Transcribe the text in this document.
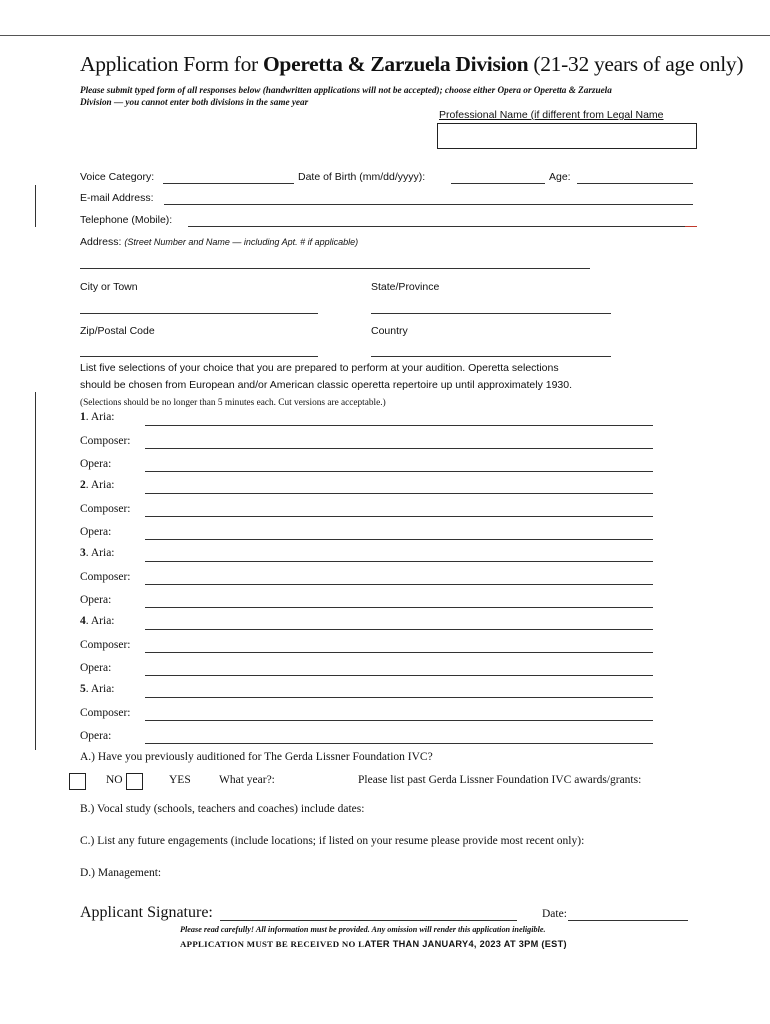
Application Form for Operetta & Zarzuela Division (21-32 years of age only)
Please submit typed form of all responses below (handwritten applications will not be accepted); choose either Opera or Operetta & Zarzuela
Division — you cannot enter both divisions in the same year
Professional Name (if different from Legal Name
Voice Category:	Date of Birth (mm/dd/yyyy):	Age:
E-mail Address:
Telephone (Mobile):
Address: (Street Number and Name — including Apt. # if applicable)
City or Town	State/Province
Zip/Postal Code	Country
List five selections of your choice that you are prepared to perform at your audition. Operetta selections
should be chosen from European and/or American classic operetta repertoire up until approximately 1930.
(Selections should be no longer than 5 minutes each. Cut versions are acceptable.)
1. Aria:
Composer:
Opera:
2. Aria:
Composer:
Opera:
3. Aria:
Composer:
Opera:
4. Aria:
Composer:
Opera:
5. Aria:
Composer:
Opera:
A.) Have you previously auditioned for The Gerda Lissner Foundation IVC?
NO	YES What year?:	Please list past Gerda Lissner Foundation IVC awards/grants:
B.) Vocal study (schools, teachers and coaches) include dates:
C.) List any future engagements (include locations; if listed on your resume please provide most recent only):
D.) Management:
Applicant Signature:	Date:
Please read carefully! All information must be provided. Any omission will render this application ineligible.
APPLICATION MUST BE RECEIVED NO LATER THAN JANUARY4, 2023 AT 3PM (EST)
